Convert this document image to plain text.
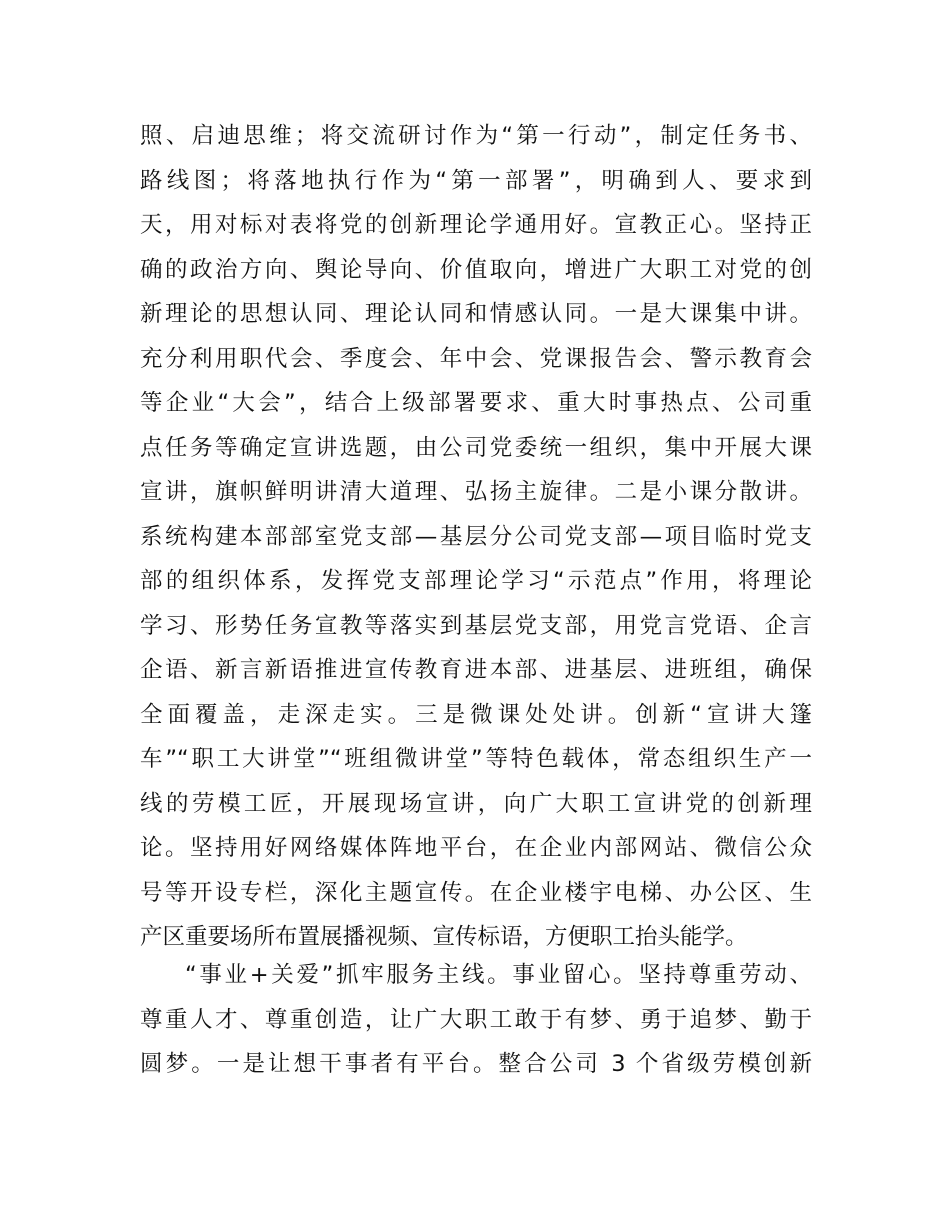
照、启迪思维；将交流研讨作为“第一行动”，制定任务书、
路线图；将落地执行作为“第一部署”，明确到人、要求到
天，用对标对表将党的创新理论学通用好。宣教正心。坚持正
确的政治方向、舆论导向、价值取向，增进广大职工对党的创
新理论的思想认同、理论认同和情感认同。一是大课集中讲。
充分利用职代会、季度会、年中会、党课报告会、警示教育会
等企业“大会”，结合上级部署要求、重大时事热点、公司重
点任务等确定宣讲选题，由公司党委统一组织，集中开展大课
宣讲，旗帜鲜明讲清大道理、弘扬主旋律。二是小课分散讲。
系统构建本部部室党支部—基层分公司党支部—项目临时党支
部的组织体系，发挥党支部理论学习“示范点”作用，将理论
学习、形势任务宣教等落实到基层党支部，用党言党语、企言
企语、新言新语推进宣传教育进本部、进基层、进班组，确保
全面覆盖，走深走实。三是微课处处讲。创新“宣讲大篷
车”“职工大讲堂”“班组微讲堂”等特色载体，常态组织生产一
线的劳模工匠，开展现场宣讲，向广大职工宣讲党的创新理
论。坚持用好网络媒体阵地平台，在企业内部网站、微信公众
号等开设专栏，深化主题宣传。在企业楼宇电梯、办公区、生
产区重要场所布置展播视频、宣传标语，方便职工抬头能学。

“事业+关爱”抓牢服务主线。事业留心。坚持尊重劳动、
尊重人才、尊重创造，让广大职工敢于有梦、勇于追梦、勤于
圆梦。一是让想干事者有平台。整合公司 3 个省级劳模创新
